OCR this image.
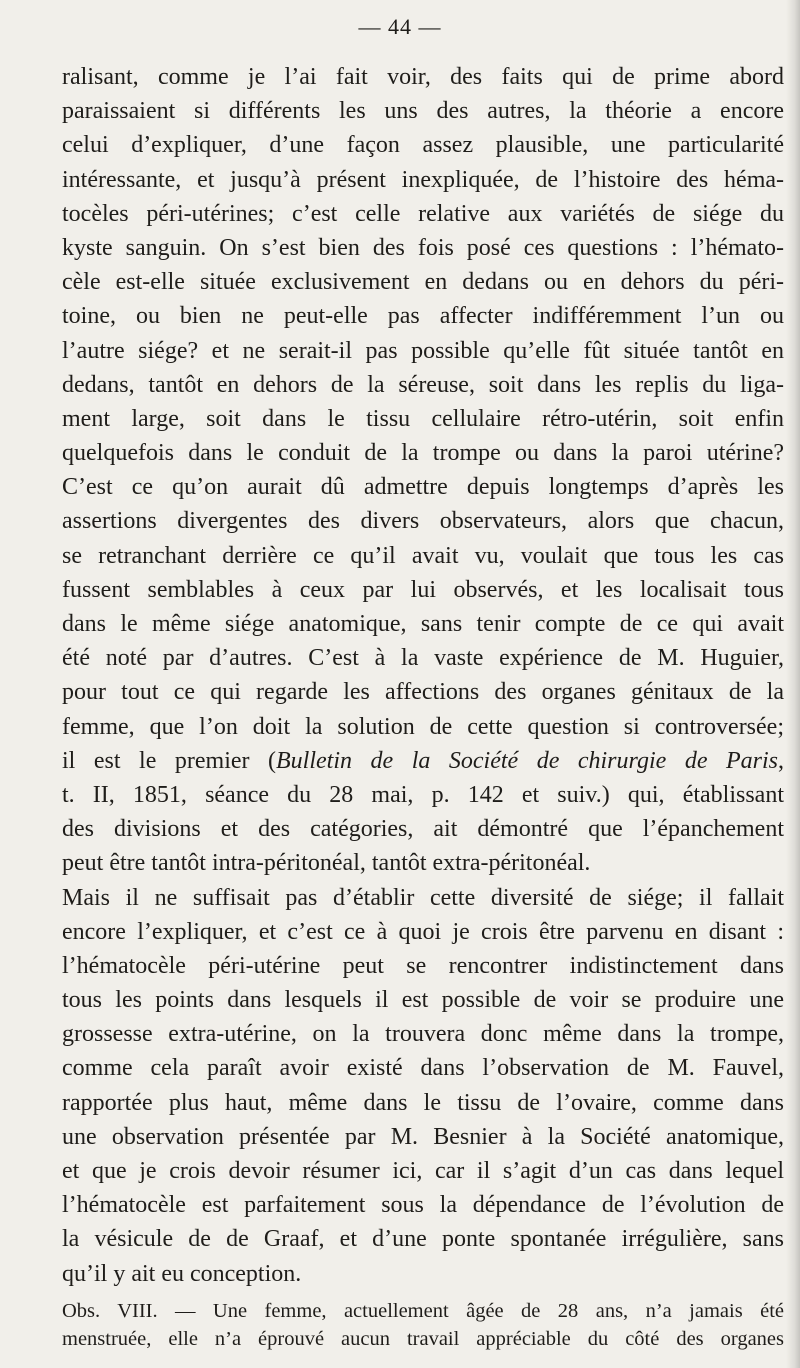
— 44 —
ralisant, comme je l’ai fait voir, des faits qui de prime abord
paraissaient si différents les uns des autres, la théorie a encore
celui d’expliquer, d’une façon assez plausible, une particularité
intéressante, et jusqu’à présent inexpliquée, de l’histoire des héma-
tocèles péri-utérines; c’est celle relative aux variétés de siége du
kyste sanguin. On s’est bien des fois posé ces questions : l’hémato-
cèle est-elle située exclusivement en dedans ou en dehors du péri-
toine, ou bien ne peut-elle pas affecter indifféremment l’un ou
l’autre siége? et ne serait-il pas possible qu’elle fût située tantôt en
dedans, tantôt en dehors de la séreuse, soit dans les replis du liga-
ment large, soit dans le tissu cellulaire rétro-utérin, soit enfin
quelquefois dans le conduit de la trompe ou dans la paroi utérine?
C’est ce qu’on aurait dû admettre depuis longtemps d’après les
assertions divergentes des divers observateurs, alors que chacun,
se retranchant derrière ce qu’il avait vu, voulait que tous les cas
fussent semblables à ceux par lui observés, et les localisait tous
dans le même siége anatomique, sans tenir compte de ce qui avait
été noté par d’autres. C’est à la vaste expérience de M. Huguier,
pour tout ce qui regarde les affections des organes génitaux de la
femme, que l’on doit la solution de cette question si controversée;
il est le premier (Bulletin de la Société de chirurgie de Paris,
t. II, 1851, séance du 28 mai, p. 142 et suiv.) qui, établissant
des divisions et des catégories, ait démontré que l’épanchement
peut être tantôt intra-péritonéal, tantôt extra-péritonéal.
Mais il ne suffisait pas d’établir cette diversité de siége; il fallait
encore l’expliquer, et c’est ce à quoi je crois être parvenu en disant :
l’hématocèle péri-utérine peut se rencontrer indistinctement dans
tous les points dans lesquels il est possible de voir se produire une
grossesse extra-utérine, on la trouvera donc même dans la trompe,
comme cela paraît avoir existé dans l’observation de M. Fauvel,
rapportée plus haut, même dans le tissu de l’ovaire, comme dans
une observation présentée par M. Besnier à la Société anatomique,
et que je crois devoir résumer ici, car il s’agit d’un cas dans lequel
l’hématocèle est parfaitement sous la dépendance de l’évolution de
la vésicule de de Graaf, et d’une ponte spontanée irrégulière, sans
qu’il y ait eu conception.
Obs. VIII. — Une femme, actuellement âgée de 28 ans, n’a jamais été
menstruée, elle n’a éprouvé aucun travail appréciable du côté des organes
